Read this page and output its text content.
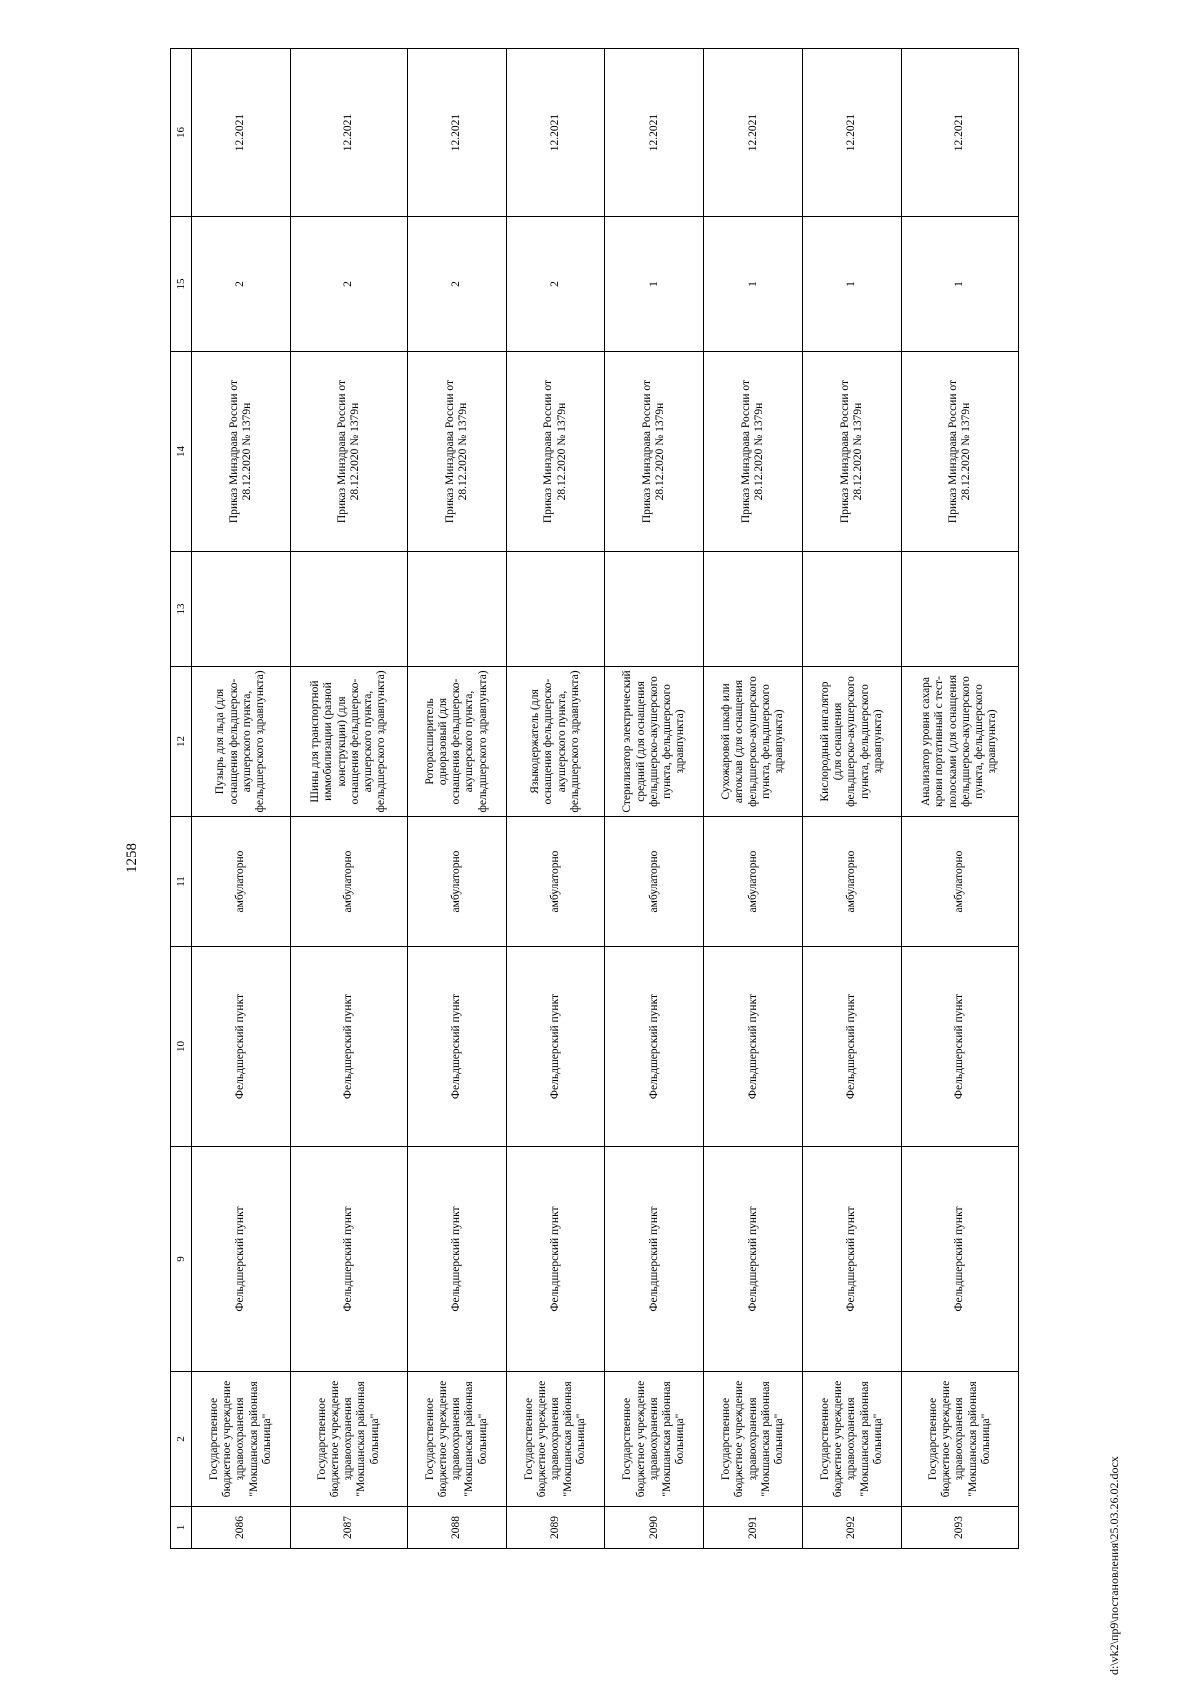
1258
1	2	9	10	11	12	13	14	15	16
2086	Государственное бюджетное учреждение здравоохранения "Мокшанская районная больница"	Фельдшерский пункт	Фельдшерский пункт	амбулаторно	Пузырь для льда (для оснащения фельдшерско-акушерского пункта, фельдшерского здравпункта)		Приказ Минздрава России от 28.12.2020 № 1379н	2	12.2021
2087	Государственное бюджетное учреждение здравоохранения "Мокшанская районная больница"	Фельдшерский пункт	Фельдшерский пункт	амбулаторно	Шины для транспортной иммобилизации (разной конструкции) (для оснащения фельдшерско-акушерского пункта, фельдшерского здравпункта)		Приказ Минздрава России от 28.12.2020 № 1379н	2	12.2021
2088	Государственное бюджетное учреждение здравоохранения "Мокшанская районная больница"	Фельдшерский пункт	Фельдшерский пункт	амбулаторно	Роторасширитель одноразовый (для оснащения фельдшерско-акушерского пункта, фельдшерского здравпункта)		Приказ Минздрава России от 28.12.2020 № 1379н	2	12.2021
2089	Государственное бюджетное учреждение здравоохранения "Мокшанская районная больница"	Фельдшерский пункт	Фельдшерский пункт	амбулаторно	Языкодержатель (для оснащения фельдшерско-акушерского пункта, фельдшерского здравпункта)		Приказ Минздрава России от 28.12.2020 № 1379н	2	12.2021
2090	Государственное бюджетное учреждение здравоохранения "Мокшанская районная больница"	Фельдшерский пункт	Фельдшерский пункт	амбулаторно	Стерилизатор электрический средний (для оснащения фельдшерско-акушерского пункта, фельдшерского здравпункта)		Приказ Минздрава России от 28.12.2020 № 1379н	1	12.2021
2091	Государственное бюджетное учреждение здравоохранения "Мокшанская районная больница"	Фельдшерский пункт	Фельдшерский пункт	амбулаторно	Сухожаровой шкаф или автоклав (для оснащения фельдшерско-акушерского пункта, фельдшерского здравпункта)		Приказ Минздрава России от 28.12.2020 № 1379н	1	12.2021
2092	Государственное бюджетное учреждение здравоохранения "Мокшанская районная больница"	Фельдшерский пункт	Фельдшерский пункт	амбулаторно	Кислородный ингалятор (для оснащения фельдшерско-акушерского пункта, фельдшерского здравпункта)		Приказ Минздрава России от 28.12.2020 № 1379н	1	12.2021
2093	Государственное бюджетное учреждение здравоохранения "Мокшанская районная больница"	Фельдшерский пункт	Фельдшерский пункт	амбулаторно	Анализатор уровня сахара крови портативный с тест-полосками (для оснащения фельдшерско-акушерского пункта, фельдшерского здравпункта)		Приказ Минздрава России от 28.12.2020 № 1379н	1	12.2021
d:\vk2\пр9\постановления\25.03.26.02.docx
